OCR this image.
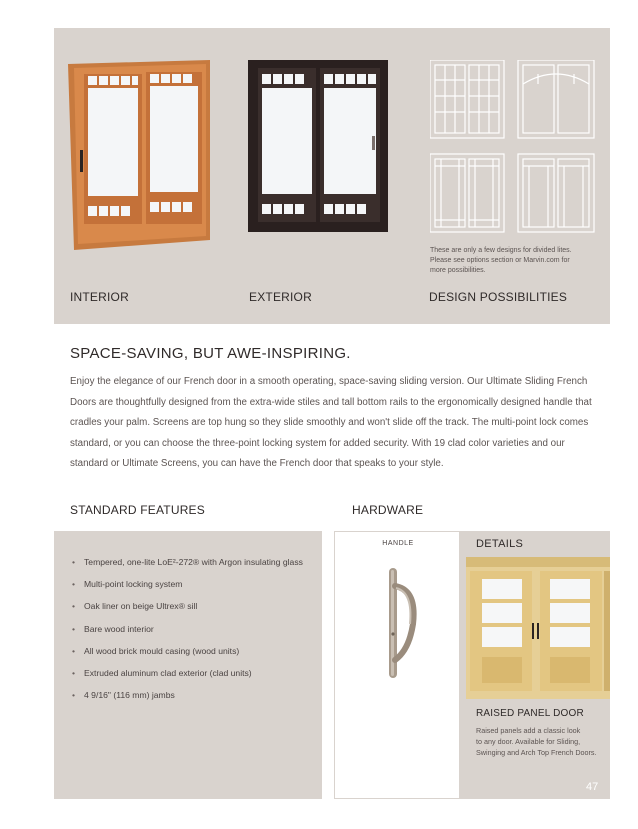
These are only a few designs for divided lites.
Please see options section or Marvin.com for
more possibilities.
INTERIOR	EXTERIOR	DESIGN POSSIBILITIES
SPACE-SAVING, BUT AWE-INSPIRING.
Enjoy the elegance of our French door in a smooth operating, space-saving sliding version. Our Ultimate Sliding French Doors are thoughtfully designed from the extra-wide stiles and tall bottom rails to the ergonomically designed handle that cradles your palm. Screens are top hung so they slide smoothly and won't slide off the track. The multi-point lock comes standard, or you can choose the three-point locking system for added security. With 19 clad color varieties and our standard or Ultimate Screens, you can have the French door that speaks to your style.
STANDARD FEATURES	HARDWARE
• Tempered, one-lite LoE²-272® with Argon insulating glass
• Multi-point locking system
• Oak liner on beige Ultrex® sill
• Bare wood interior
• All wood brick mould casing (wood units)
• Extruded aluminum clad exterior (clad units)
• 4 9/16" (116 mm) jambs
HANDLE	DETAILS
RAISED PANEL DOOR
Raised panels add a classic look
to any door. Available for Sliding,
Swinging and Arch Top French Doors.
47
